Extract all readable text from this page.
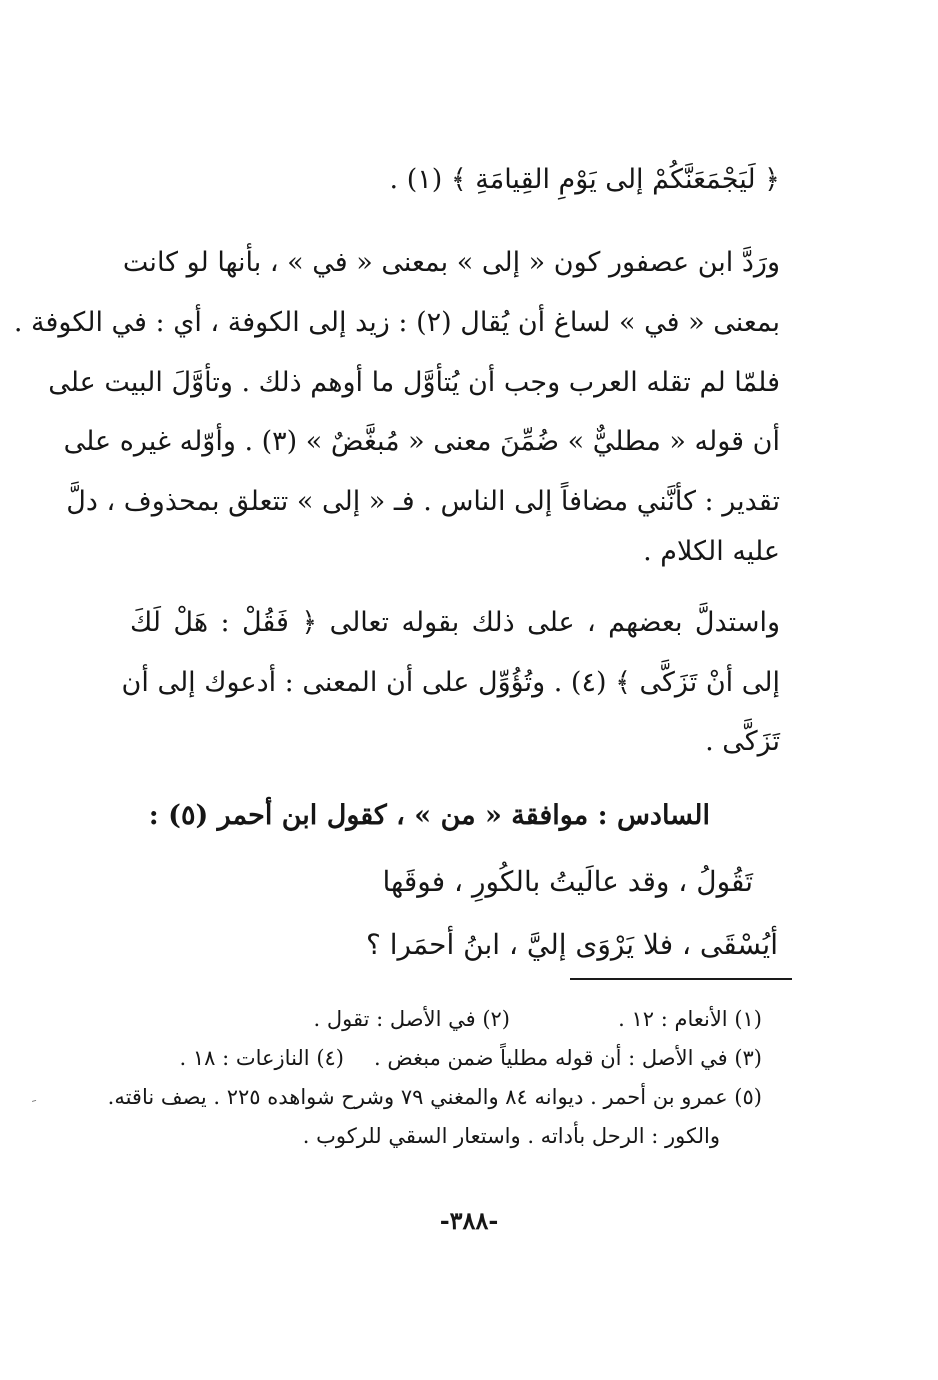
﴿ لَيَجْمَعَنَّكُمْ إلى يَوْمِ القِيامَةِ ﴾ (١) .
ورَدَّ ابن عصفور كون « إلى » بمعنى « في » ، بأنها لو كانت
بمعنى « في » لساغ أن يُقال (٢) : زيد إلى الكوفة ، أي : في الكوفة .
فلمّا لم تقله العرب وجب أن يُتأوَّل ما أوهم ذلك . وتأوَّلَ البيت على
أن قوله « مطليٌّ » ضُمِّنَ معنى « مُبغَّضٌ » (٣) . وأوّله غيره على
تقدير : كأنَّني مضافاً إلى الناس . فـ « إلى » تتعلق بمحذوف ، دلَّ
عليه الكلام .
واستدلَّ بعضهم ، على ذلك بقوله تعالى ﴿ فَقُلْ : هَلْ لَكَ
إلى أنْ تَزَكَّى ﴾ (٤) . وتُؤُوِّل على أن المعنى : أدعوك إلى أن
تَزَكَّى .
السادس : موافقة « من » ، كقول ابن أحمر (٥) :
تَقُولُ ، وقد عالَيتُ بالكُورِ ، فوقَها
أيُسْقَى ، فلا يَرْوَى إليَّ ، ابنُ أحمَرا ؟
(١) الأنعام : ١٢ .
(٢) في الأصل : تقول .
(٣) في الأصل : أن قوله مطلياً ضمن مبغض .
(٤) النازعات : ١٨ .
(٥) عمرو بن أحمر . ديوانه ٨٤ والمغني ٧٩ وشرح شواهده ٢٢٥ . يصف ناقته.
والكور : الرحل بأداته . واستعار السقي للركوب .
ﹶ
-٣٨٨-
